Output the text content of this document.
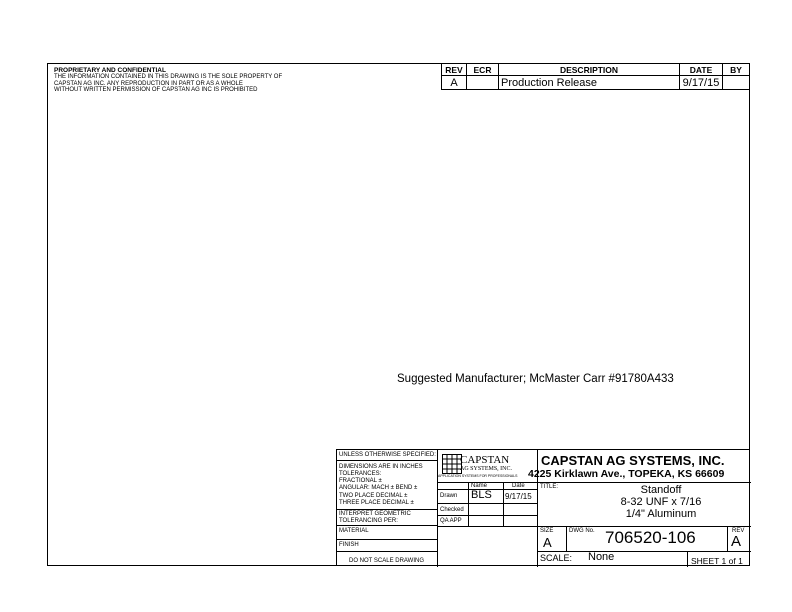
PROPRIETARY AND CONFIDENTIAL
THE INFORMATION CONTAINED IN THIS DRAWING IS THE SOLE PROPERTY OF
CAPSTAN AG INC. ANY REPRODUCTION IN PART OR AS A WHOLE
WITHOUT WRITTEN PERMISSION OF CAPSTAN AG INC IS PROHIBITED
REV	ECR	DESCRIPTION	DATE	BY
A		Production Release	9/17/15	
Suggested Manufacturer; McMaster Carr #91780A433
UNLESS OTHERWISE SPECIFIED:
DIMENSIONS ARE IN INCHES
TOLERANCES:
FRACTIONAL ±
ANGULAR: MACH ± BEND ±
TWO PLACE DECIMAL ±
THREE PLACE DECIMAL ±
INTERPRET GEOMETRIC
TOLERANCING PER:
MATERIAL
FINISH
DO NOT SCALE DRAWING
CAPSTAN
AG SYSTEMS, INC.
APPLICATION SYSTEMS FOR PROFESSIONALS
Name	Date
Drawn BLS 9/17/15
Checked
QA APP
CAPSTAN AG SYSTEMS, INC.
4225 Kirklawn Ave., TOPEKA, KS 66609
TITLE:	Standoff
8-32 UNF x 7/16
1/4" Aluminum
SIZE
A
DWG No. 706520-106	REV
A
SCALE: None	SHEET 1 of 1
